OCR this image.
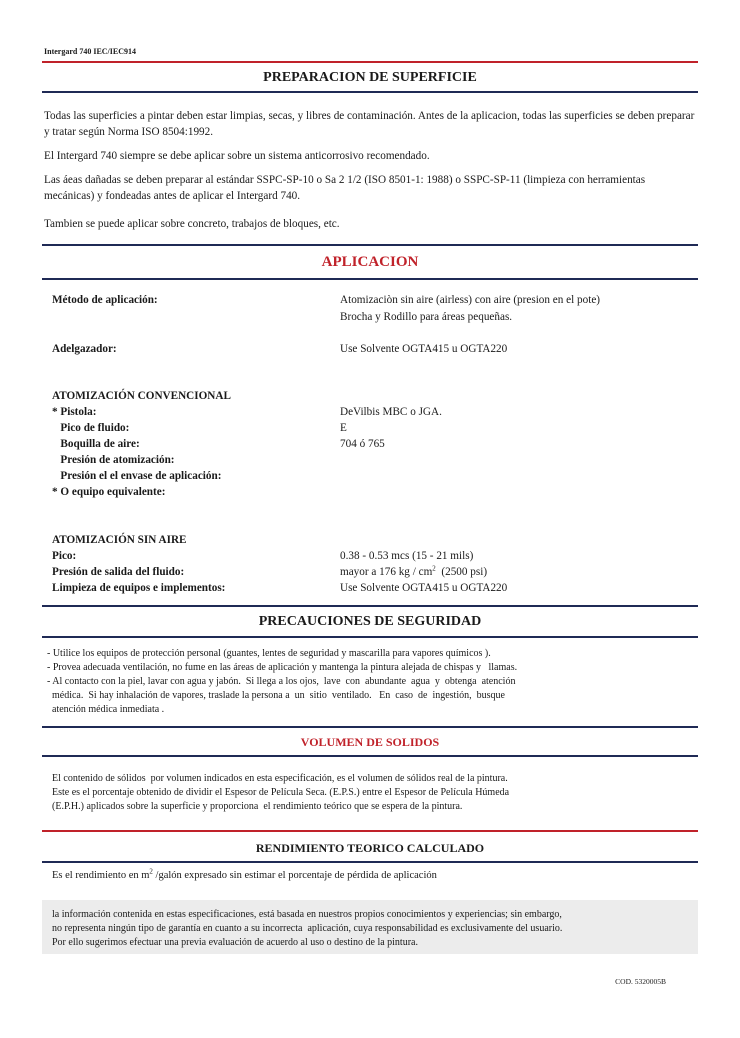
Intergard 740 IEC/IEC914
PREPARACION DE SUPERFICIE
Todas las superficies a pintar deben estar limpias, secas, y libres de contaminación. Antes de la aplicacion, todas las superficies se deben preparar y tratar según Norma ISO 8504:1992.
El Intergard 740 siempre se debe aplicar sobre un sistema anticorrosivo recomendado.
Las áeas dañadas se deben preparar al estándar SSPC-SP-10 o Sa 2 1/2 (ISO 8501-1: 1988) o SSPC-SP-11 (limpieza con herramientas mecánicas) y fondeadas antes de aplicar el Intergard 740.
Tambien se puede aplicar sobre concreto, trabajos de bloques, etc.
APLICACION
Método de aplicación:	Atomizaciòn sin aire (airless) con aire (presion en el pote)
Brocha y Rodillo para áreas pequeñas.
Adelgazador:	Use Solvente OGTA415 u OGTA220
ATOMIZACIÓN CONVENCIONAL
* Pistola:	DeVilbis MBC o JGA.
Pico de fluido:	E
Boquilla de aire:	704 ó 765
Presión de atomización:
Presión el el envase de aplicación:
* O equipo equivalente:
ATOMIZACIÓN SIN AIRE
Pico:	0.38 - 0.53 mcs (15 - 21 mils)
Presión de salida del fluido:	mayor a 176 kg / $cm^2$  (2500 psi)
Limpieza de equipos e implementos:	Use Solvente OGTA415 u OGTA220
PRECAUCIONES DE SEGURIDAD
- Utilice los equipos de protección personal (guantes, lentes de seguridad y mascarilla para vapores químicos ).
- Provea adecuada ventilación, no fume en las áreas de aplicación y mantenga la pintura alejada de chispas y   llamas.
- Al contacto con la piel, lavar con agua y jabón.  Si llega a los ojos,  lave  con  abundante  agua  y  obtenga  atención
médica.  Si hay inhalación de vapores, traslade la persona a  un  sitio  ventilado.   En  caso  de  ingestión,  busque
atención médica inmediata .
VOLUMEN DE SOLIDOS
El contenido de sólidos  por volumen indicados en esta especificación, es el volumen de sólidos real de la pintura.
Este es el porcentaje obtenido de dividir el Espesor de Película Seca. (E.P.S.) entre el Espesor de Película Húmeda
(E.P.H.) aplicados sobre la superficie y proporciona  el rendimiento teórico que se espera de la pintura.
RENDIMIENTO TEORICO CALCULADO
Es el rendimiento en $m^2$ /galón expresado sin estimar el porcentaje de pérdida de aplicación
la información contenida en estas especificaciones, está basada en nuestros propios conocimientos y experiencias; sin embargo,
no representa ningún tipo de garantía en cuanto a su incorrecta  aplicación, cuya responsabilidad es exclusivamente del usuario.
Por ello sugerimos efectuar una previa evaluación de acuerdo al uso o destino de la pintura.
COD. 5320005B
